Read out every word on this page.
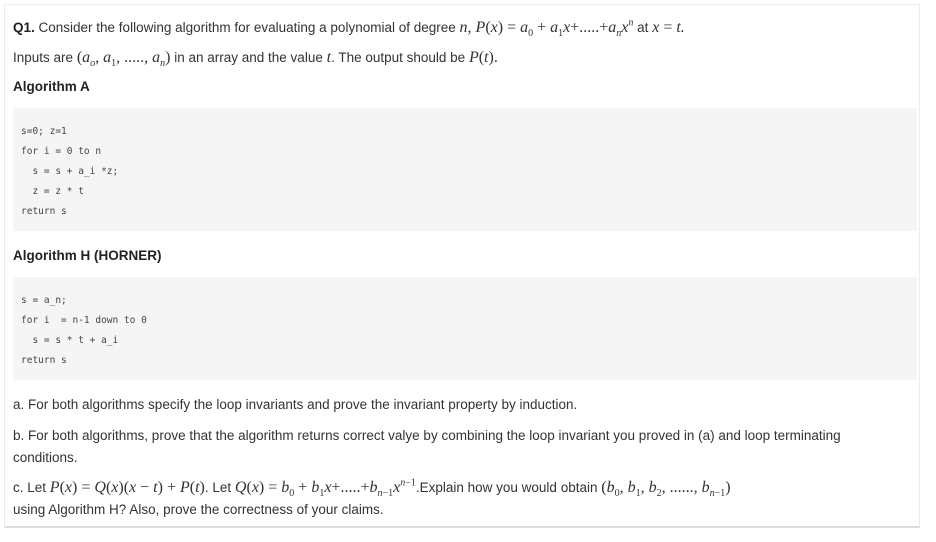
Q1. Consider the following algorithm for evaluating a polynomial of degree n, $P(x) = a_0 + a_1x+.....+a_nx^n$ at x = t.
Inputs are ($a_o$, $a_1$, ....., $a_n$) in an array and the value t. The output should be P(t).
Algorithm A
s=0; z=1
for i = 0 to n
s = s + a_i *z;
z = z * t
return s
Algorithm H (HORNER)
s = a_n;
for i  = n-1 down to 0
s = s * t + a_i
return s
a. For both algorithms specify the loop invariants and prove the invariant property by induction.
b. For both algorithms, prove that the algorithm returns correct valye by combining the loop invariant you proved in (a) and loop terminating
conditions.
c. Let P(x) = Q(x)(x − t) + P(t). Let $Q(x) = b_0$ + $b_1x+.....+b_{n-1}x^{n-1}.Explain$ how you would obtain ($b_0$, $b_1$, $b_2$, ......, $b_{n-1}$)
using Algorithm H? Also, prove the correctness of your claims.
